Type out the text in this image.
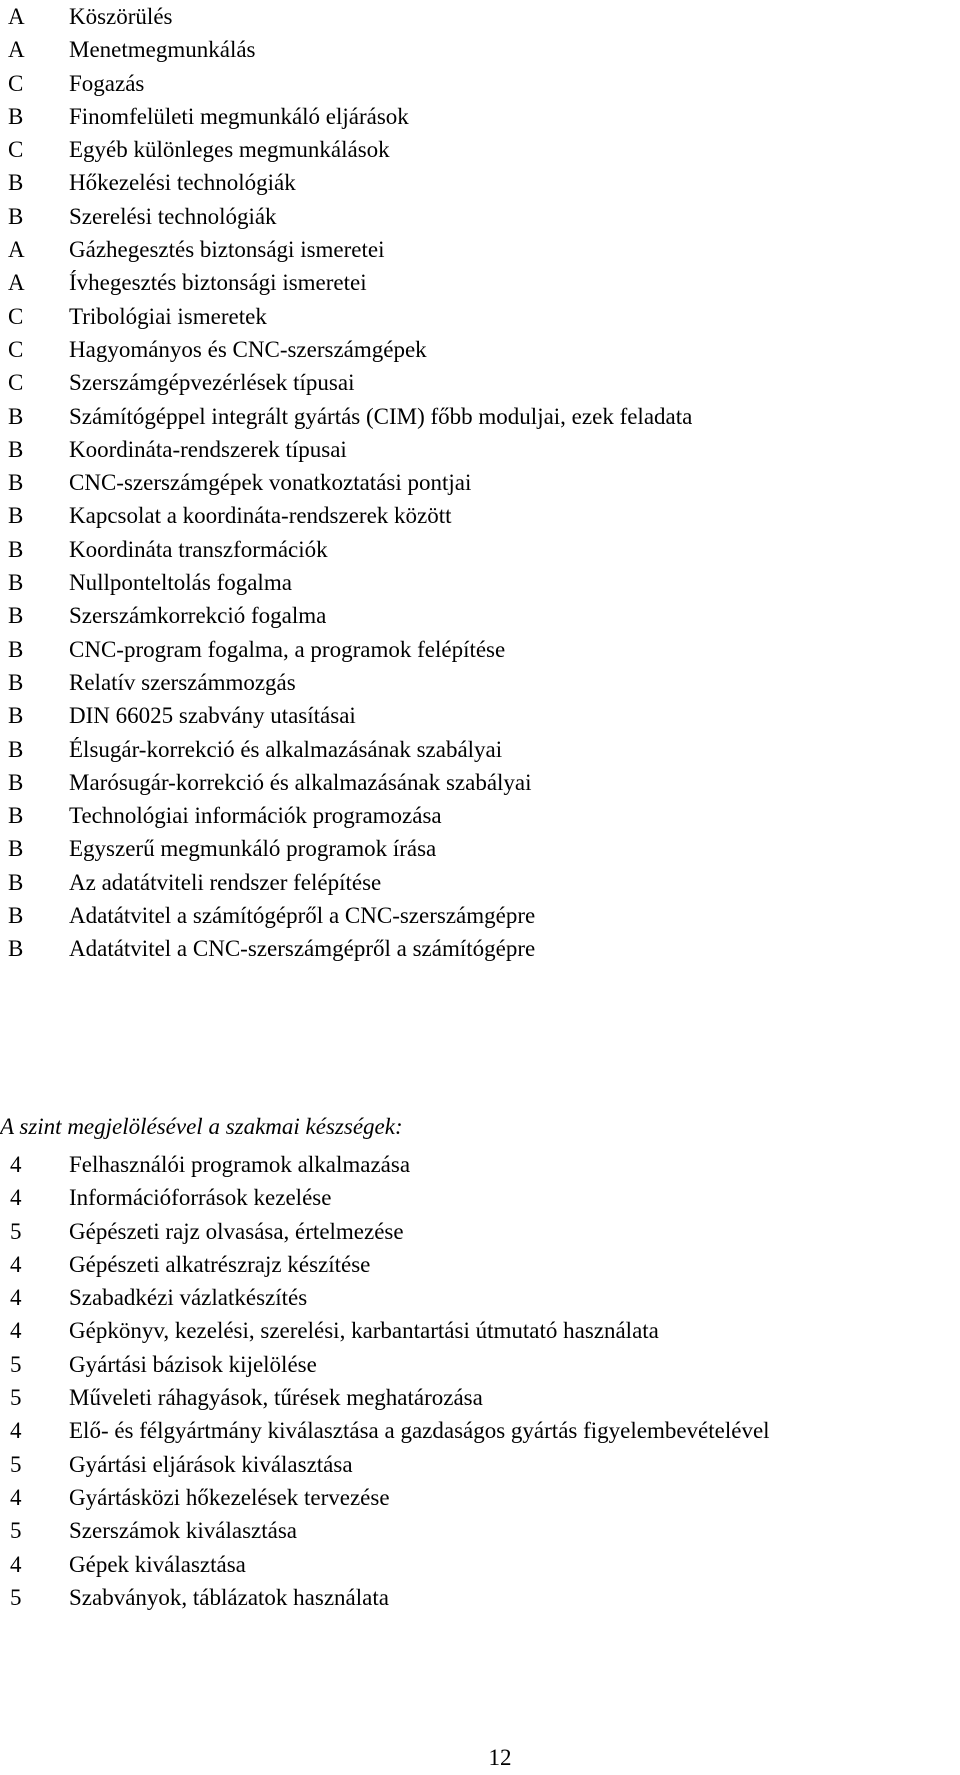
A	Köszörülés
A	Menetmegmunkálás
C	Fogazás
B	Finomfelületi megmunkáló eljárások
C	Egyéb különleges megmunkálások
B	Hőkezelési technológiák
B	Szerelési technológiák
A	Gázhegesztés biztonsági ismeretei
A	Ívhegesztés biztonsági ismeretei
C	Tribológiai ismeretek
C	Hagyományos és CNC-szerszámgépek
C	Szerszámgépvezérlések típusai
B	Számítógéppel integrált gyártás (CIM) főbb moduljai, ezek feladata
B	Koordináta-rendszerek típusai
B	CNC-szerszámgépek vonatkoztatási pontjai
B	Kapcsolat a koordináta-rendszerek között
B	Koordináta transzformációk
B	Nullponteltolás fogalma
B	Szerszámkorrekció fogalma
B	CNC-program fogalma, a programok felépítése
B	Relatív szerszámmozgás
B	DIN 66025 szabvány utasításai
B	Élsugár-korrekció és alkalmazásának szabályai
B	Marósugár-korrekció és alkalmazásának szabályai
B	Technológiai információk programozása
B	Egyszerű megmunkáló programok írása
B	Az adatátviteli rendszer felépítése
B	Adatátvitel a számítógépről a CNC-szerszámgépre
B	Adatátvitel a CNC-szerszámgépről a számítógépre
A szint megjelölésével a szakmai készségek:
4	Felhasználói programok alkalmazása
4	Információforrások kezelése
5	Gépészeti rajz olvasása, értelmezése
4	Gépészeti alkatrészrajz készítése
4	Szabadkézi vázlatkészítés
4	Gépkönyv, kezelési, szerelési, karbantartási útmutató használata
5	Gyártási bázisok kijelölése
5	Műveleti ráhagyások, tűrések meghatározása
4	Elő- és félgyártmány kiválasztása a gazdaságos gyártás figyelembevételével
5	Gyártási eljárások kiválasztása
4	Gyártásközi hőkezelések tervezése
5	Szerszámok kiválasztása
4	Gépek kiválasztása
5	Szabványok, táblázatok használata
12
